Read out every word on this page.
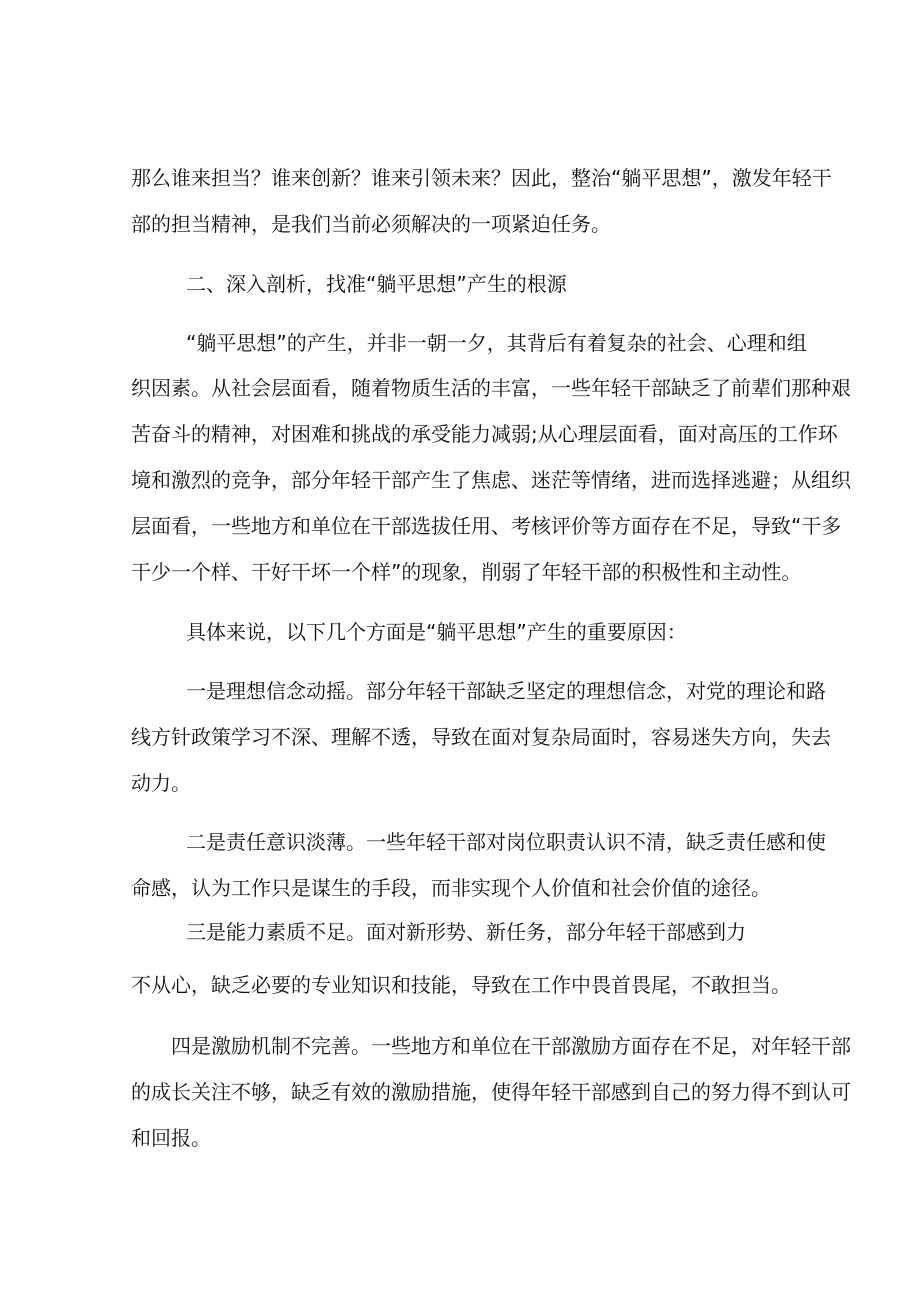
那么谁来担当？谁来创新？谁来引领未来？因此，整治“躺平思想”，激发年轻干
部的担当精神，是我们当前必须解决的一项紧迫任务。
二、深入剖析，找准“躺平思想”产生的根源
“躺平思想”的产生，并非一朝一夕，其背后有着复杂的社会、心理和组
织因素。从社会层面看，随着物质生活的丰富，一些年轻干部缺乏了前辈们那种艰
苦奋斗的精神，对困难和挑战的承受能力减弱;从心理层面看，面对高压的工作环
境和激烈的竞争，部分年轻干部产生了焦虑、迷茫等情绪，进而选择逃避；从组织
层面看，一些地方和单位在干部选拔任用、考核评价等方面存在不足，导致“干多
干少一个样、干好干坏一个样”的现象，削弱了年轻干部的积极性和主动性。
具体来说，以下几个方面是“躺平思想”产生的重要原因：
一是理想信念动摇。部分年轻干部缺乏坚定的理想信念，对党的理论和路
线方针政策学习不深、理解不透，导致在面对复杂局面时，容易迷失方向，失去
动力。
二是责任意识淡薄。一些年轻干部对岗位职责认识不清，缺乏责任感和使
命感，认为工作只是谋生的手段，而非实现个人价值和社会价值的途径。
三是能力素质不足。面对新形势、新任务，部分年轻干部感到力
不从心，缺乏必要的专业知识和技能，导致在工作中畏首畏尾，不敢担当。
四是激励机制不完善。一些地方和单位在干部激励方面存在不足，对年轻干部
的成长关注不够，缺乏有效的激励措施，使得年轻干部感到自己的努力得不到认可
和回报。
